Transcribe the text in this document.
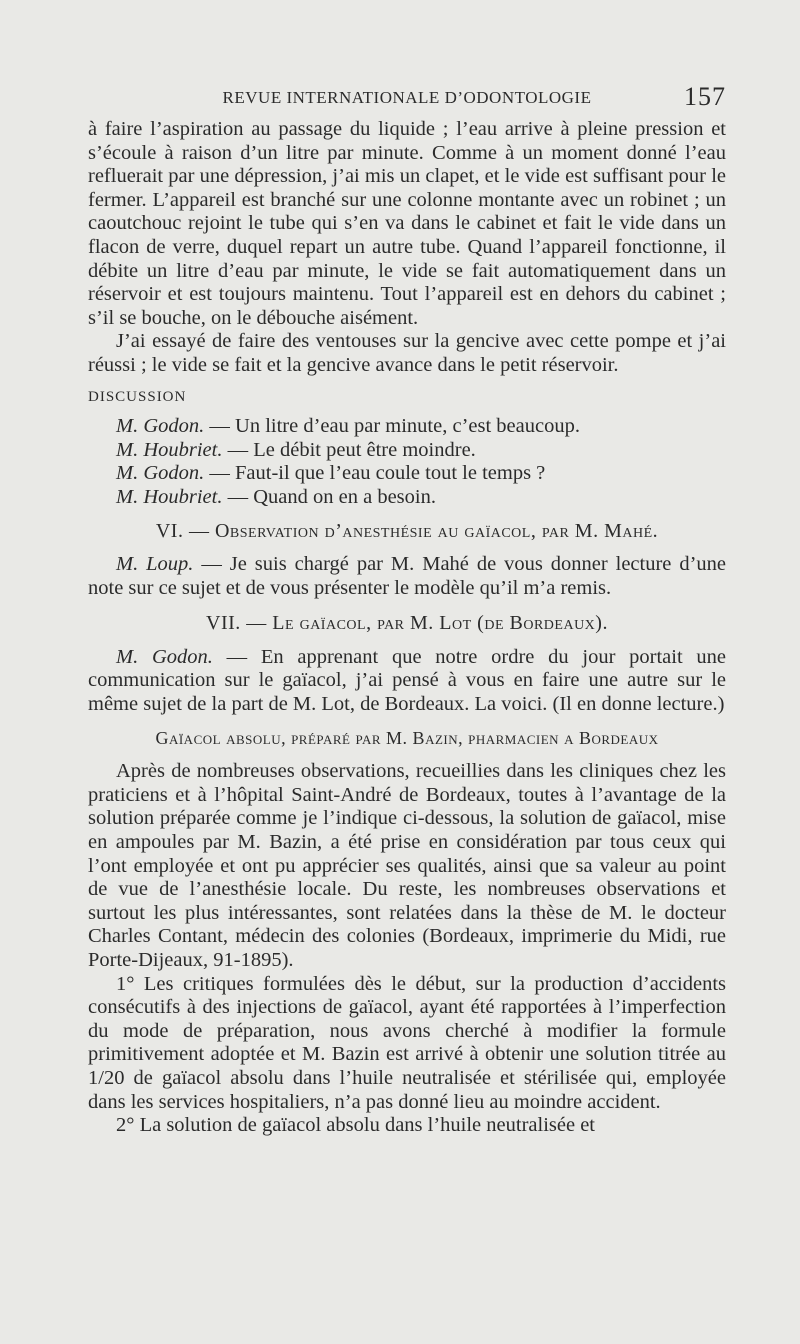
REVUE INTERNATIONALE D’ODONTOLOGIE	157

à faire l’aspiration au passage du liquide ; l’eau arrive à pleine pression et s’écoule à raison d’un litre par minute. Comme à un moment donné l’eau refluerait par une dépression, j’ai mis un clapet, et le vide est suffisant pour le fermer. L’appareil est branché sur une colonne montante avec un robinet ; un caoutchouc rejoint le tube qui s’en va dans le cabinet et fait le vide dans un flacon de verre, duquel repart un autre tube. Quand l’appareil fonctionne, il débite un litre d’eau par minute, le vide se fait automatiquement dans un réservoir et est toujours maintenu. Tout l’appareil est en dehors du cabinet ; s’il se bouche, on le débouche aisément.

J’ai essayé de faire des ventouses sur la gencive avec cette pompe et j’ai réussi ; le vide se fait et la gencive avance dans le petit réservoir.

DISCUSSION

M. Godon. — Un litre d’eau par minute, c’est beaucoup.

M. Houbriet. — Le débit peut être moindre.

M. Godon. — Faut-il que l’eau coule tout le temps ?

M. Houbriet. — Quand on en a besoin.

VI. — Observation d’anesthésie au gaïacol, par M. Mahé.

M. Loup. — Je suis chargé par M. Mahé de vous donner lecture d’une note sur ce sujet et de vous présenter le modèle qu’il m’a remis.

VII. — Le gaïacol, par M. Lot (de Bordeaux).

M. Godon. — En apprenant que notre ordre du jour portait une communication sur le gaïacol, j’ai pensé à vous en faire une autre sur le même sujet de la part de M. Lot, de Bordeaux. La voici. (Il en donne lecture.)

Gaïacol absolu, préparé par M. Bazin, pharmacien a Bordeaux

Après de nombreuses observations, recueillies dans les cliniques chez les praticiens et à l’hôpital Saint-André de Bordeaux, toutes à l’avantage de la solution préparée comme je l’indique ci-dessous, la solution de gaïacol, mise en ampoules par M. Bazin, a été prise en considération par tous ceux qui l’ont employée et ont pu apprécier ses qualités, ainsi que sa valeur au point de vue de l’anesthésie locale. Du reste, les nombreuses observations et surtout les plus intéressantes, sont relatées dans la thèse de M. le docteur Charles Contant, médecin des colonies (Bordeaux, imprimerie du Midi, rue Porte-Dijeaux, 91-1895).

1° Les critiques formulées dès le début, sur la production d’accidents consécutifs à des injections de gaïacol, ayant été rapportées à l’imperfection du mode de préparation, nous avons cherché à modifier la formule primitivement adoptée et M. Bazin est arrivé à obtenir une solution titrée au 1/20 de gaïacol absolu dans l’huile neutralisée et stérilisée qui, employée dans les services hospitaliers, n’a pas donné lieu au moindre accident.

2° La solution de gaïacol absolu dans l’huile neutralisée et
